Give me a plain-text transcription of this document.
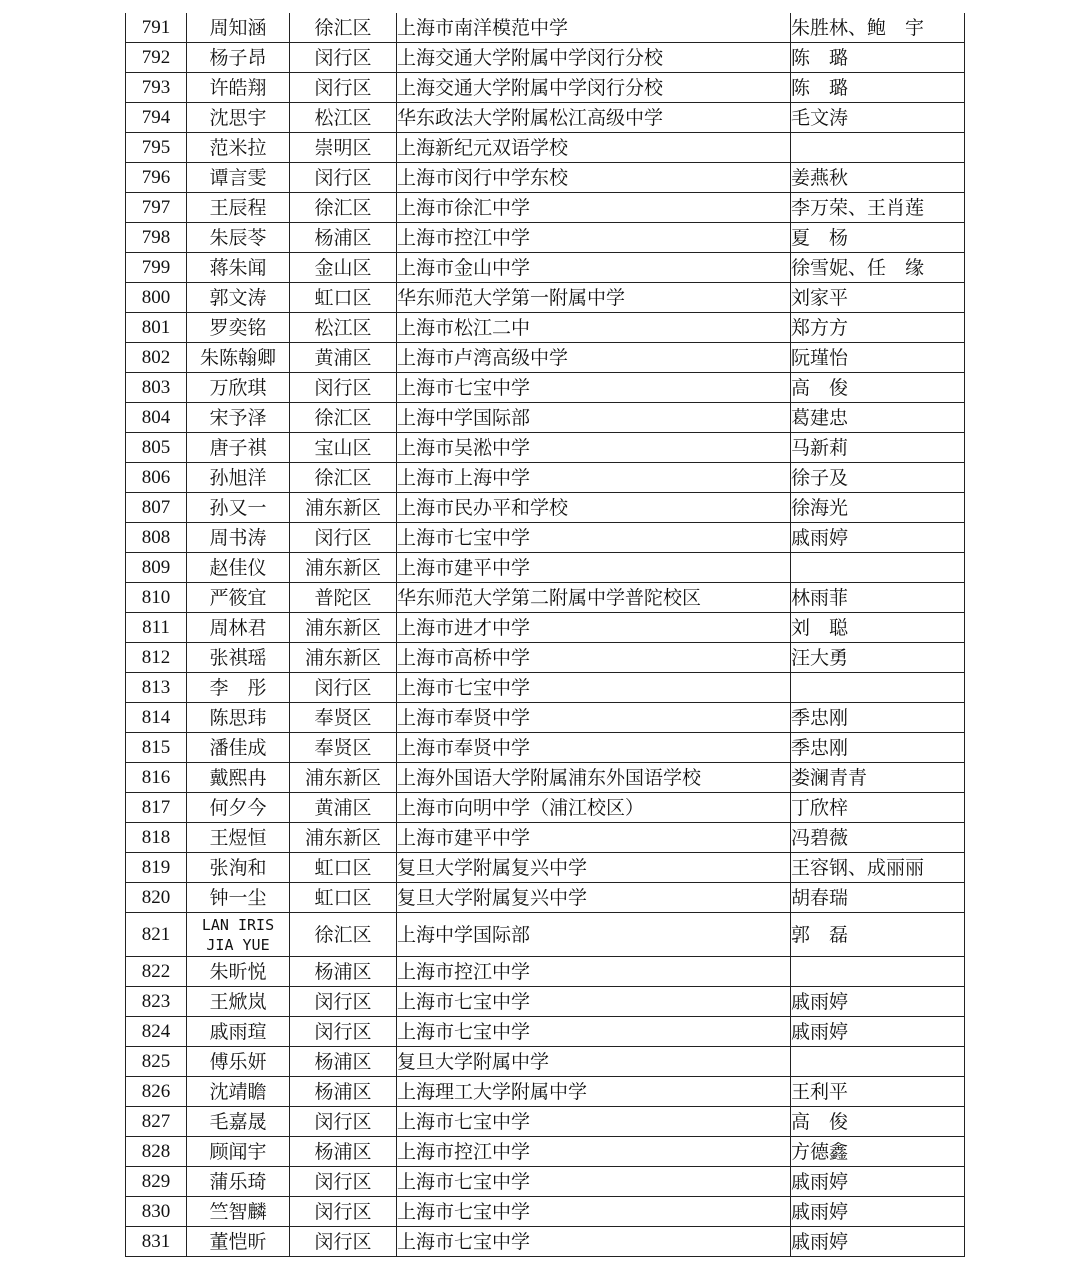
791	周知涵	徐汇区	上海市南洋模范中学	朱胜林、鲍　宇
792	杨子昂	闵行区	上海交通大学附属中学闵行分校	陈　璐
793	许皓翔	闵行区	上海交通大学附属中学闵行分校	陈　璐
794	沈思宇	松江区	华东政法大学附属松江高级中学	毛文涛
795	范米拉	崇明区	上海新纪元双语学校	
796	谭言雯	闵行区	上海市闵行中学东校	姜燕秋
797	王辰程	徐汇区	上海市徐汇中学	李万荣、王肖莲
798	朱辰苓	杨浦区	上海市控江中学	夏　杨
799	蒋朱闻	金山区	上海市金山中学	徐雪妮、任　缘
800	郭文涛	虹口区	华东师范大学第一附属中学	刘家平
801	罗奕铭	松江区	上海市松江二中	郑方方
802	朱陈翰卿	黄浦区	上海市卢湾高级中学	阮瑾怡
803	万欣琪	闵行区	上海市七宝中学	高　俊
804	宋予泽	徐汇区	上海中学国际部	葛建忠
805	唐子祺	宝山区	上海市吴淞中学	马新莉
806	孙旭洋	徐汇区	上海市上海中学	徐子及
807	孙又一	浦东新区	上海市民办平和学校	徐海光
808	周书涛	闵行区	上海市七宝中学	戚雨婷
809	赵佳仪	浦东新区	上海市建平中学	
810	严筱宜	普陀区	华东师范大学第二附属中学普陀校区	林雨菲
811	周林君	浦东新区	上海市进才中学	刘　聪
812	张祺瑶	浦东新区	上海市高桥中学	汪大勇
813	李　彤	闵行区	上海市七宝中学	
814	陈思玮	奉贤区	上海市奉贤中学	季忠刚
815	潘佳成	奉贤区	上海市奉贤中学	季忠刚
816	戴熙冉	浦东新区	上海外国语大学附属浦东外国语学校	娄澜青青
817	何夕今	黄浦区	上海市向明中学（浦江校区）	丁欣梓
818	王煜恒	浦东新区	上海市建平中学	冯碧薇
819	张洵和	虹口区	复旦大学附属复兴中学	王容钢、成丽丽
820	钟一尘	虹口区	复旦大学附属复兴中学	胡春瑞
821	LAN IRIS
JIA YUE	徐汇区	上海中学国际部	郭　磊
822	朱昕悦	杨浦区	上海市控江中学	
823	王焮岚	闵行区	上海市七宝中学	戚雨婷
824	戚雨瑄	闵行区	上海市七宝中学	戚雨婷
825	傅乐妍	杨浦区	复旦大学附属中学	
826	沈靖瞻	杨浦区	上海理工大学附属中学	王利平
827	毛嘉晟	闵行区	上海市七宝中学	高　俊
828	顾闻宇	杨浦区	上海市控江中学	方德鑫
829	蒲乐琦	闵行区	上海市七宝中学	戚雨婷
830	竺智麟	闵行区	上海市七宝中学	戚雨婷
831	董恺昕	闵行区	上海市七宝中学	戚雨婷
